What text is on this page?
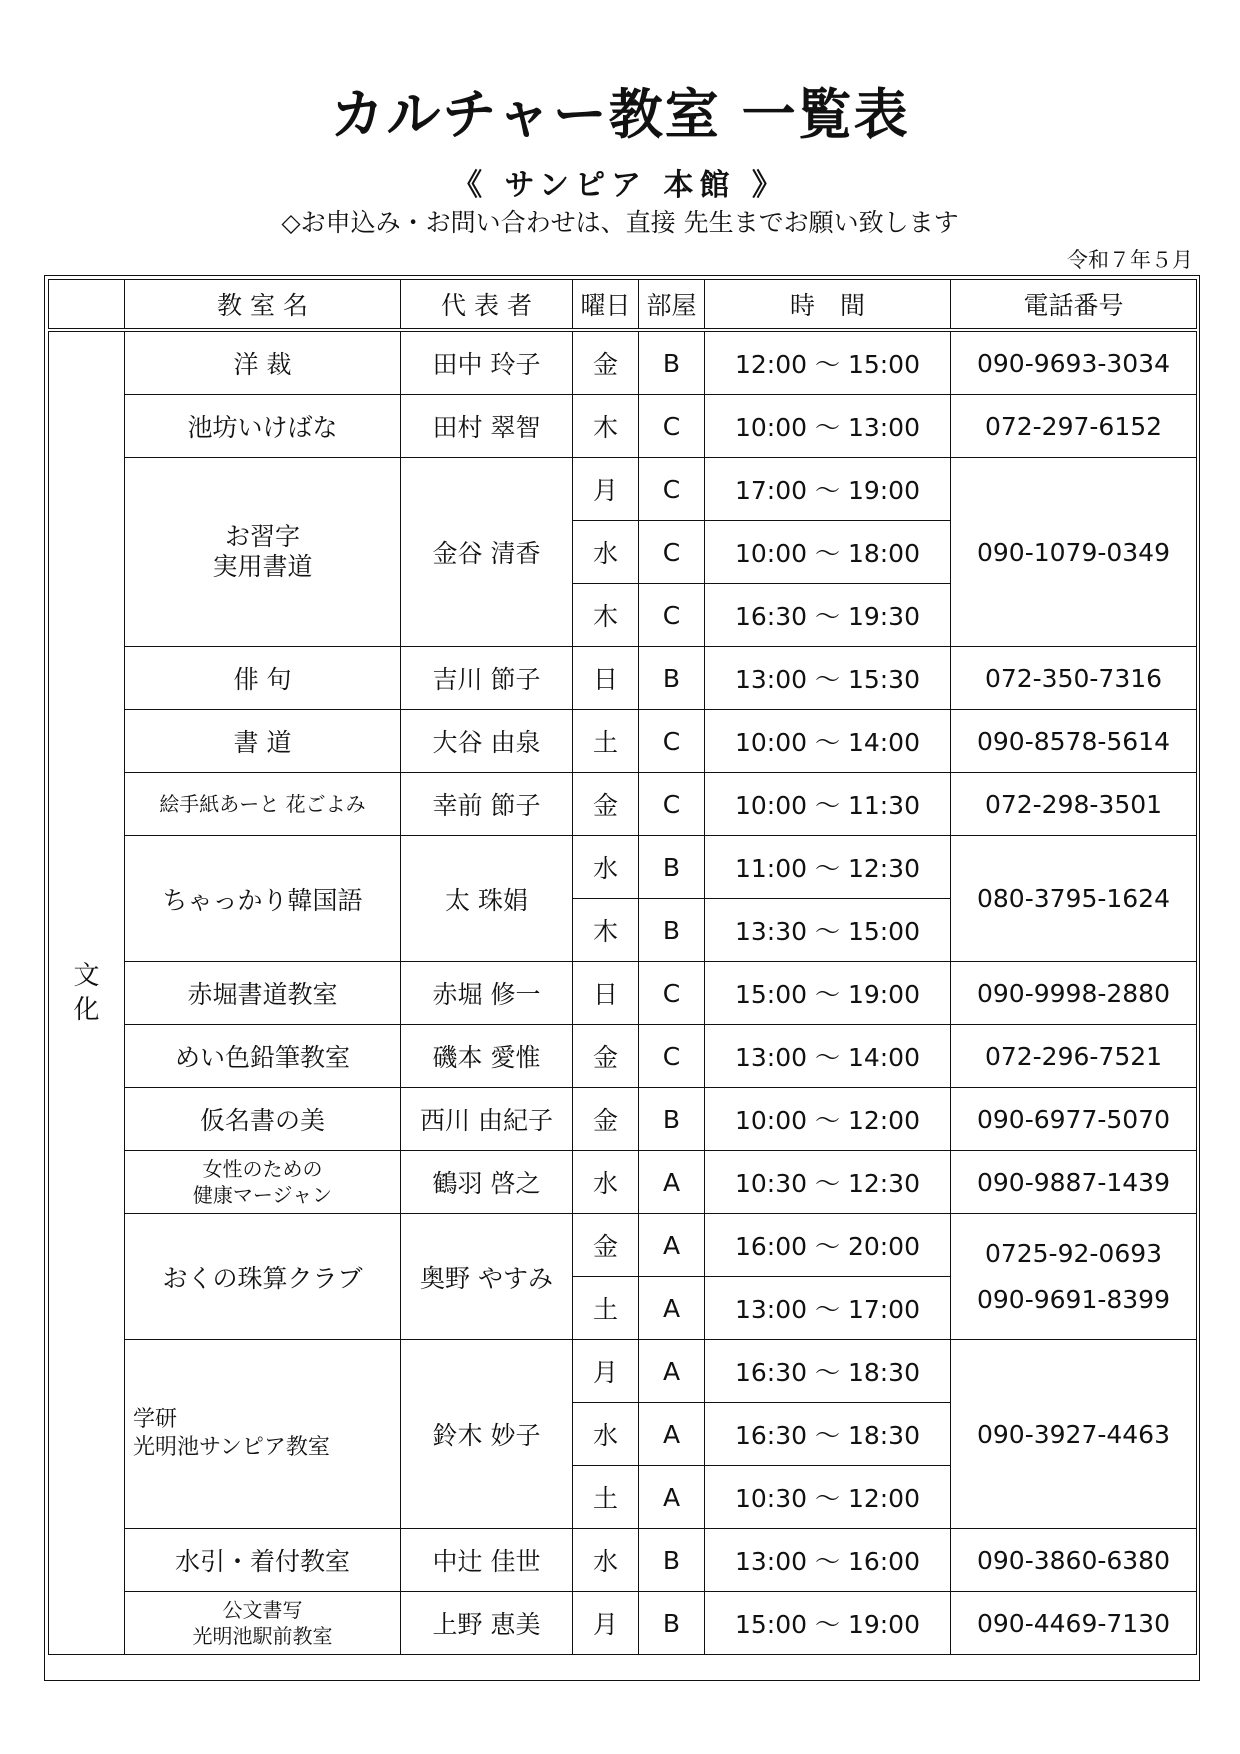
カルチャー教室 一覧表
《 サンピア 本館 》
◇お申込み・お問い合わせは、直接 先生までお願い致します
令和７年５月
	教 室 名	代 表 者	曜日	部屋	時　間	電話番号
文
化	洋 裁	田中 玲子	金	B	12:00 ～ 15:00	090-9693-3034
	池坊いけばな	田村 翠智	木	C	10:00 ～ 13:00	072-297-6152
	お習字
実用書道	金谷 清香	月	C	17:00 ～ 19:00	090-1079-0349
			水	C	10:00 ～ 18:00	
			木	C	16:30 ～ 19:30	
	俳 句	吉川 節子	日	B	13:00 ～ 15:30	072-350-7316
	書 道	大谷 由泉	土	C	10:00 ～ 14:00	090-8578-5614
	絵手紙あーと 花ごよみ	幸前 節子	金	C	10:00 ～ 11:30	072-298-3501
	ちゃっかり韓国語	太 珠娟	水	B	11:00 ～ 12:30	080-3795-1624
			木	B	13:30 ～ 15:00	
	赤堀書道教室	赤堀 修一	日	C	15:00 ～ 19:00	090-9998-2880
	めい色鉛筆教室	磯本 愛惟	金	C	13:00 ～ 14:00	072-296-7521
	仮名書の美	西川 由紀子	金	B	10:00 ～ 12:00	090-6977-5070
	女性のための
健康マージャン	鶴羽 啓之	水	A	10:30 ～ 12:30	090-9887-1439
	おくの珠算クラブ	奥野 やすみ	金	A	16:00 ～ 20:00	0725-92-0693
090-9691-8399

			土	A	13:00 ～ 17:00	
	学研
光明池サンピア教室	鈴木 妙子	月	A	16:30 ～ 18:30	090-3927-4463
			水	A	16:30 ～ 18:30	
			土	A	10:30 ～ 12:00	
	水引・着付教室	中辻 佳世	水	B	13:00 ～ 16:00	090-3860-6380
	公文書写
光明池駅前教室	上野 恵美	月	B	15:00 ～ 19:00	090-4469-7130
